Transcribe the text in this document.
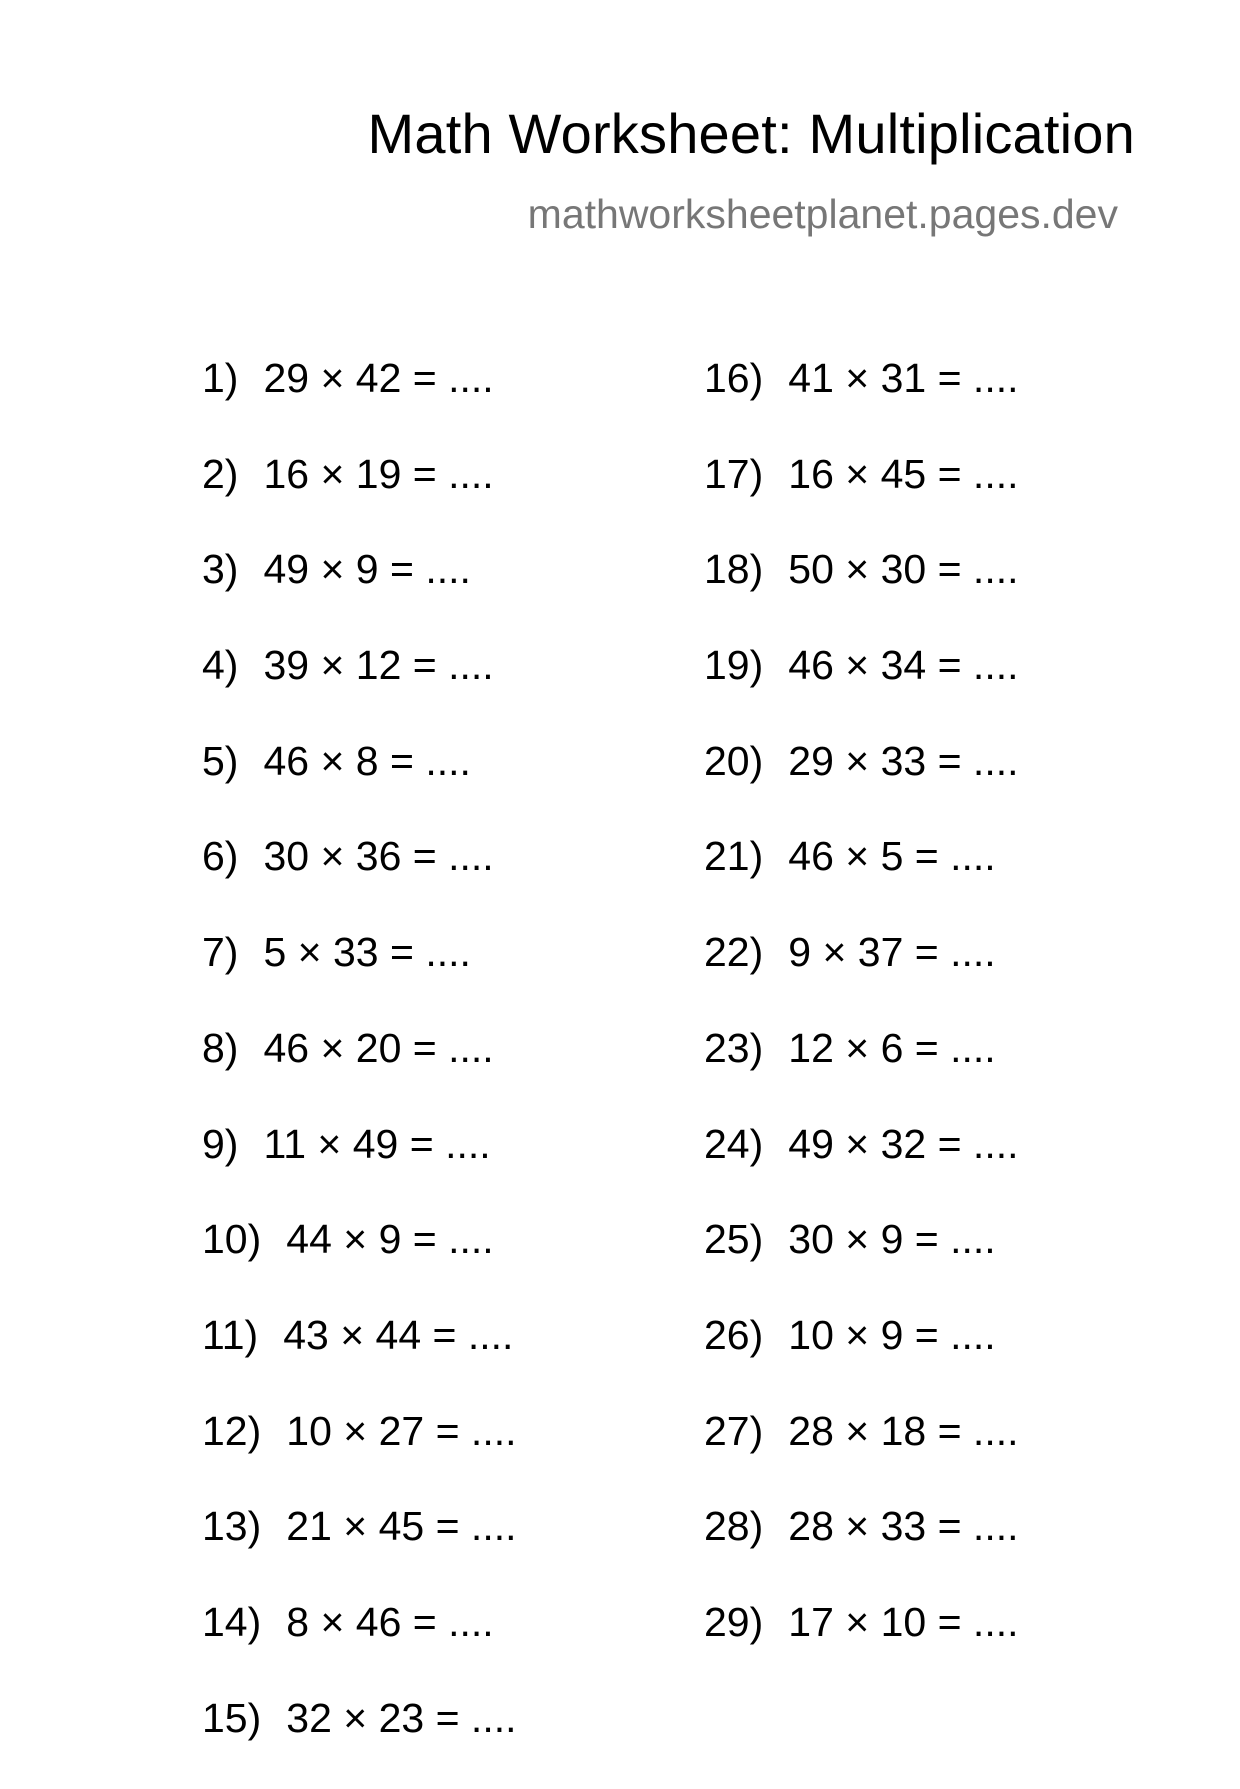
Math Worksheet: Multiplication
mathworksheetplanet.pages.dev
1) 29 × 42 = ....
2) 16 × 19 = ....
3) 49 × 9 = ....
4) 39 × 12 = ....
5) 46 × 8 = ....
6) 30 × 36 = ....
7) 5 × 33 = ....
8) 46 × 20 = ....
9) 11 × 49 = ....
10) 44 × 9 = ....
11) 43 × 44 = ....
12) 10 × 27 = ....
13) 21 × 45 = ....
14) 8 × 46 = ....
15) 32 × 23 = ....
16) 41 × 31 = ....
17) 16 × 45 = ....
18) 50 × 30 = ....
19) 46 × 34 = ....
20) 29 × 33 = ....
21) 46 × 5 = ....
22) 9 × 37 = ....
23) 12 × 6 = ....
24) 49 × 32 = ....
25) 30 × 9 = ....
26) 10 × 9 = ....
27) 28 × 18 = ....
28) 28 × 33 = ....
29) 17 × 10 = ....
